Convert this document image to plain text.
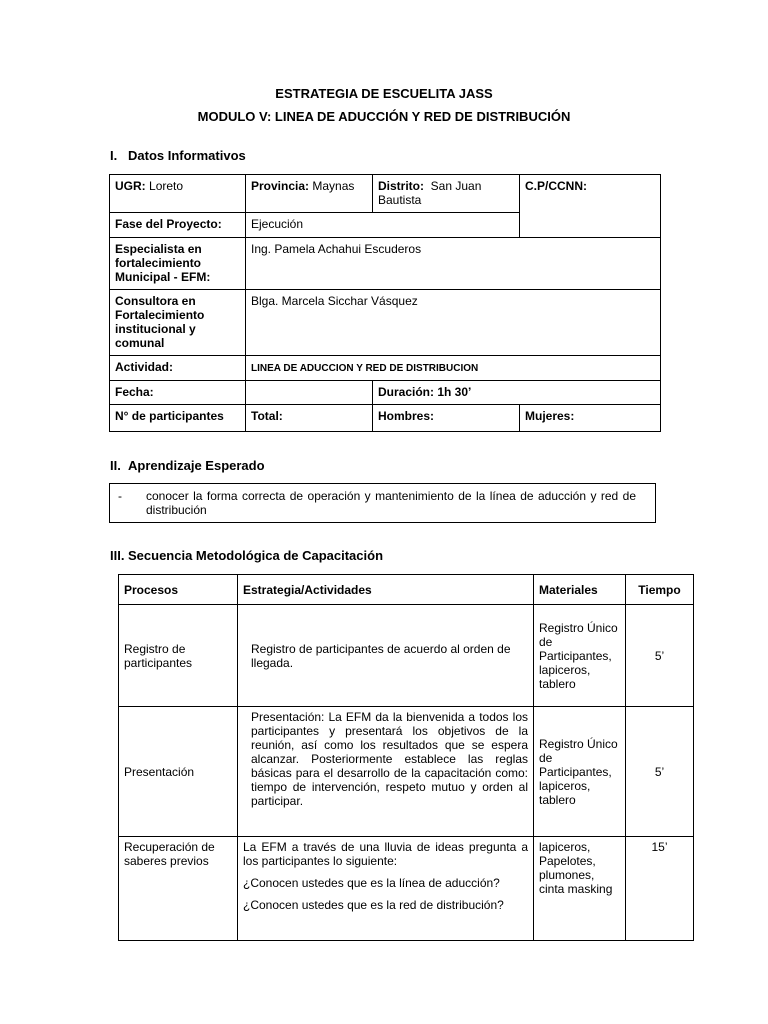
ESTRATEGIA DE ESCUELITA JASS
MODULO V: LINEA DE ADUCCIÓN Y RED DE DISTRIBUCIÓN
I. Datos Informativos
UGR: Loreto	Provincia: Maynas	Distrito: San Juan Bautista	C.P/CCNN:
Fase del Proyecto:	Ejecución		
Especialista en fortalecimiento Municipal - EFM:	Ing. Pamela Achahui Escuderos		
Consultora en Fortalecimiento institucional y comunal	Blga. Marcela Sicchar Vásquez		
Actividad:	LINEA DE ADUCCION Y RED DE DISTRIBUCION		
Fecha:		Duración: 1h 30’	
N° de participantes	Total:	Hombres:	Mujeres:
II. Aprendizaje Esperado
- conocer la forma correcta de operación y mantenimiento de la línea de aducción y red de distribución
III. Secuencia Metodológica de Capacitación
Procesos	Estrategia/Actividades	Materiales	Tiempo
Registro de participantes	Registro de participantes de acuerdo al orden de llegada.	Registro Único de Participantes, lapiceros, tablero	5’
Presentación	Presentación: La EFM da la bienvenida a todos los participantes y presentará los objetivos de la reunión, así como los resultados que se espera alcanzar. Posteriormente establece las reglas básicas para el desarrollo de la capacitación como: tiempo de intervención, respeto mutuo y orden al participar.	Registro Único de Participantes, lapiceros, tablero	5’
Recuperación de saberes previos	La EFM a través de una lluvia de ideas pregunta a los participantes lo siguiente:

¿Conocen ustedes que es la línea de aducción?

¿Conocen ustedes que es la red de distribución?	lapiceros, Papelotes, plumones, cinta masking	15’
